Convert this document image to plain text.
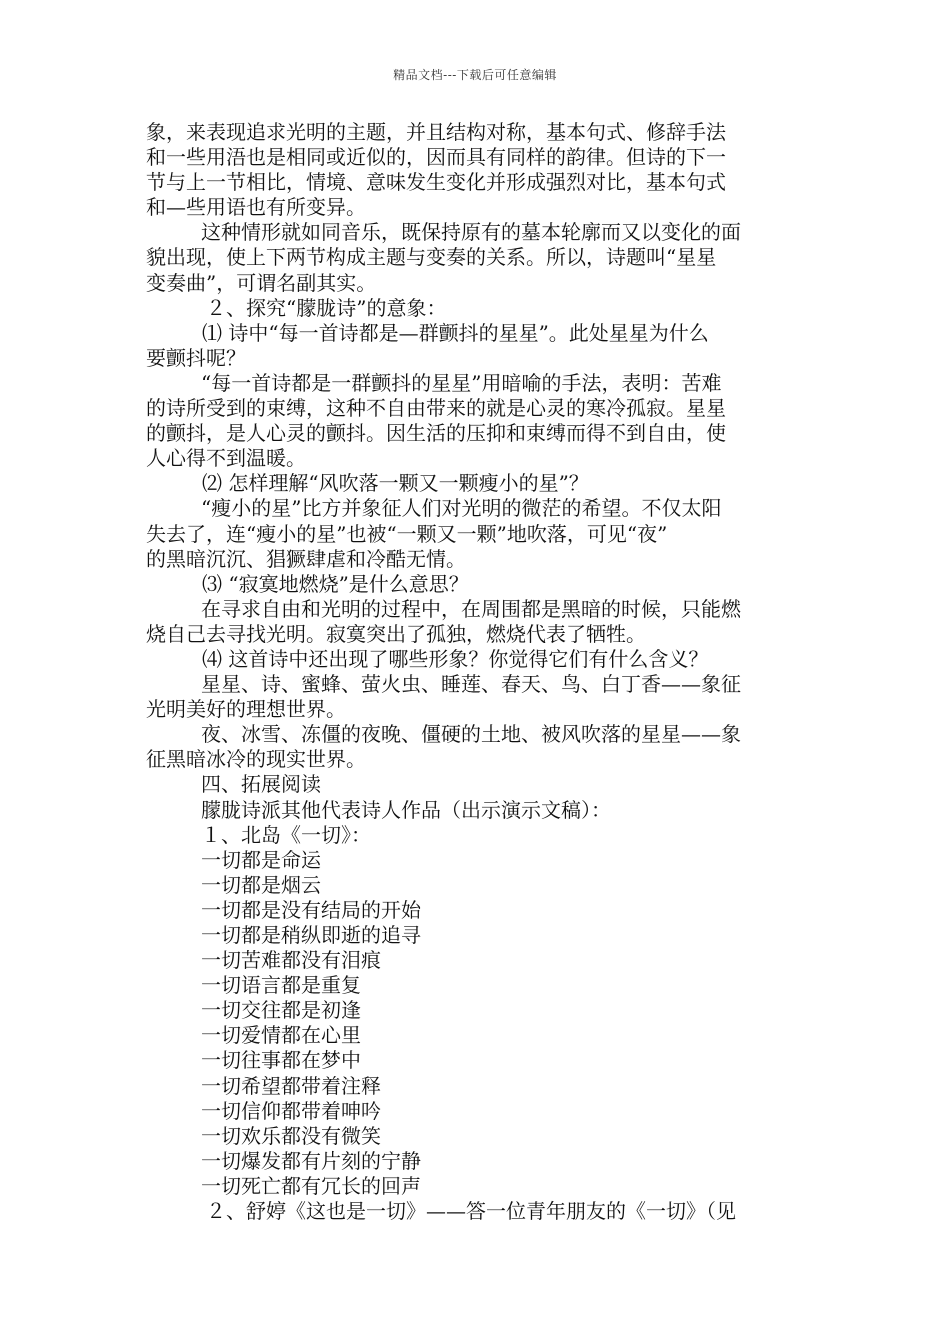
精品文档---下载后可任意编辑
象，来表现追求光明的主题，并且结构对称，基本句式、修辞手法
和一些用浯也是相同或近似的，因而具有同样的韵律。但诗的下一
节与上一节相比，情境、意味发生变化并形成强烈对比，基本句式
和—些用语也有所变异。
这种情形就如同音乐，既保持原有的墓本轮廓而又以变化的面
貌出现，使上下两节构成主题与变奏的关系。所以，诗题叫“星星
变奏曲”，可谓名副其实。
２、探究“朦胧诗”的意象：
⑴ 诗中“每一首诗都是—群颤抖的星星”。此处星星为什么
要颤抖呢？
“每一首诗都是一群颤抖的星星”用暗喻的手法，表明：苦难
的诗所受到的束缚，这种不自由带来的就是心灵的寒冷孤寂。星星
的颤抖，是人心灵的颤抖。因生活的压抑和束缚而得不到自由，使
人心得不到温暖。
⑵ 怎样理解“风吹落一颗又一颗瘦小的星”？
“瘦小的星”比方并象征人们对光明的微茫的希望。不仅太阳
失去了，连“瘦小的星”也被“一颗又一颗”地吹落，可见“夜”
的黑暗沉沉、猖獗肆虐和冷酷无情。
⑶ “寂寞地燃烧”是什么意思？
在寻求自由和光明的过程中，在周围都是黑暗的时候，只能燃
烧自己去寻找光明。寂寞突出了孤独，燃烧代表了牺牲。
⑷ 这首诗中还出现了哪些形象？你觉得它们有什么含义？
星星、诗、蜜蜂、萤火虫、睡莲、春天、鸟、白丁香——象征
光明美好的理想世界。
夜、冰雪、冻僵的夜晚、僵硬的土地、被风吹落的星星——象
征黑暗冰冷的现实世界。
四、拓展阅读
朦胧诗派其他代表诗人作品（出示演示文稿）：
１、北岛《一切》：
一切都是命运
一切都是烟云
一切都是没有结局的开始
一切都是稍纵即逝的追寻
一切苦难都没有泪痕
一切语言都是重复
一切交往都是初逢
一切爱情都在心里
一切往事都在梦中
一切希望都带着注释
一切信仰都带着呻吟
一切欢乐都没有微笑
一切爆发都有片刻的宁静
一切死亡都有冗长的回声
２、舒婷《这也是一切》——答一位青年朋友的《一切》（见
